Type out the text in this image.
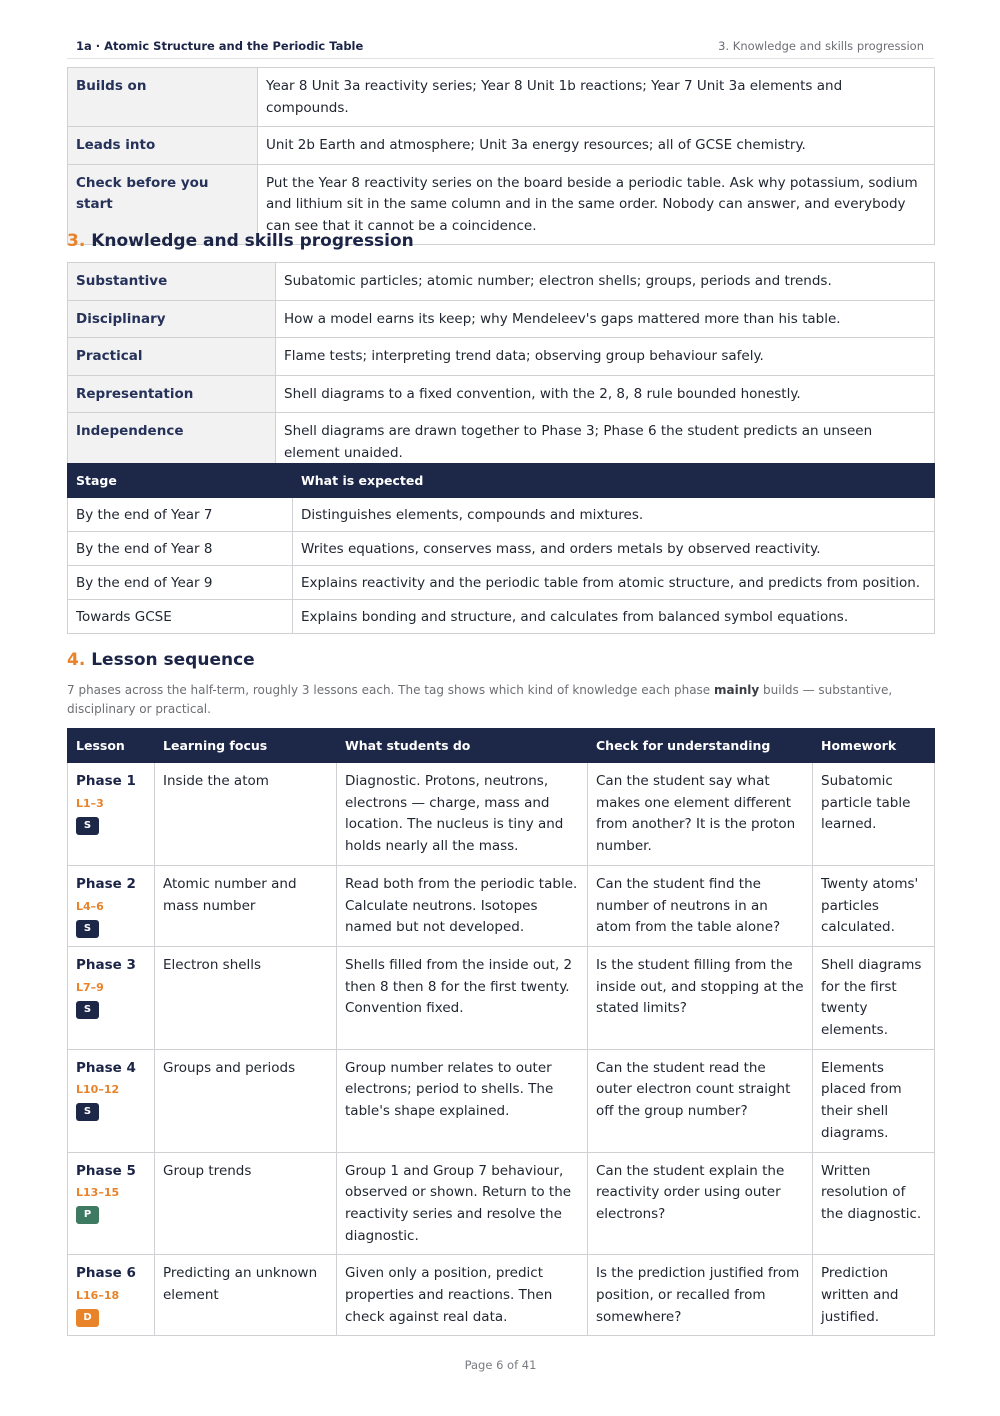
1a · Atomic Structure and the Periodic Table	3. Knowledge and skills progression
Builds on	Year 8 Unit 3a reactivity series; Year 8 Unit 1b reactions; Year 7 Unit 3a elements and compounds.
Leads into	Unit 2b Earth and atmosphere; Unit 3a energy resources; all of GCSE chemistry.
Check before you start	Put the Year 8 reactivity series on the board beside a periodic table. Ask why potassium, sodium and lithium sit in the same column and in the same order. Nobody can answer, and everybody can see that it cannot be a coincidence.
3. Knowledge and skills progression
Substantive	Subatomic particles; atomic number; electron shells; groups, periods and trends.
Disciplinary	How a model earns its keep; why Mendeleev's gaps mattered more than his table.
Practical	Flame tests; interpreting trend data; observing group behaviour safely.
Representation	Shell diagrams to a fixed convention, with the 2, 8, 8 rule bounded honestly.
Independence	Shell diagrams are drawn together to Phase 3; Phase 6 the student predicts an unseen element unaided.
Stage	What is expected
By the end of Year 7	Distinguishes elements, compounds and mixtures.
By the end of Year 8	Writes equations, conserves mass, and orders metals by observed reactivity.
By the end of Year 9	Explains reactivity and the periodic table from atomic structure, and predicts from position.
Towards GCSE	Explains bonding and structure, and calculates from balanced symbol equations.
4. Lesson sequence
7 phases across the half-term, roughly 3 lessons each. The tag shows which kind of knowledge each phase mainly builds — substantive, disciplinary or practical.
Lesson	Learning focus	What students do	Check for understanding	Homework

Phase 1
L1–3
S	Inside the atom	Diagnostic. Protons, neutrons, electrons — charge, mass and location. The nucleus is tiny and holds nearly all the mass.	Can the student say what makes one element different from another? It is the proton number.	Subatomic particle table learned.

Phase 2
L4–6
S	Atomic number and mass number	Read both from the periodic table. Calculate neutrons. Isotopes named but not developed.	Can the student find the number of neutrons in an atom from the table alone?	Twenty atoms' particles calculated.

Phase 3
L7–9
S	Electron shells	Shells filled from the inside out, 2 then 8 then 8 for the first twenty. Convention fixed.	Is the student filling from the inside out, and stopping at the stated limits?	Shell diagrams for the first twenty elements.

Phase 4
L10–12
S	Groups and periods	Group number relates to outer electrons; period to shells. The table's shape explained.	Can the student read the outer electron count straight off the group number?	Elements placed from their shell diagrams.

Phase 5
L13–15
P	Group trends	Group 1 and Group 7 behaviour, observed or shown. Return to the reactivity series and resolve the diagnostic.	Can the student explain the reactivity order using outer electrons?	Written resolution of the diagnostic.

Phase 6
L16–18
D	Predicting an unknown element	Given only a position, predict properties and reactions. Then check against real data.	Is the prediction justified from position, or recalled from somewhere?	Prediction written and justified.
Page 6 of 41
